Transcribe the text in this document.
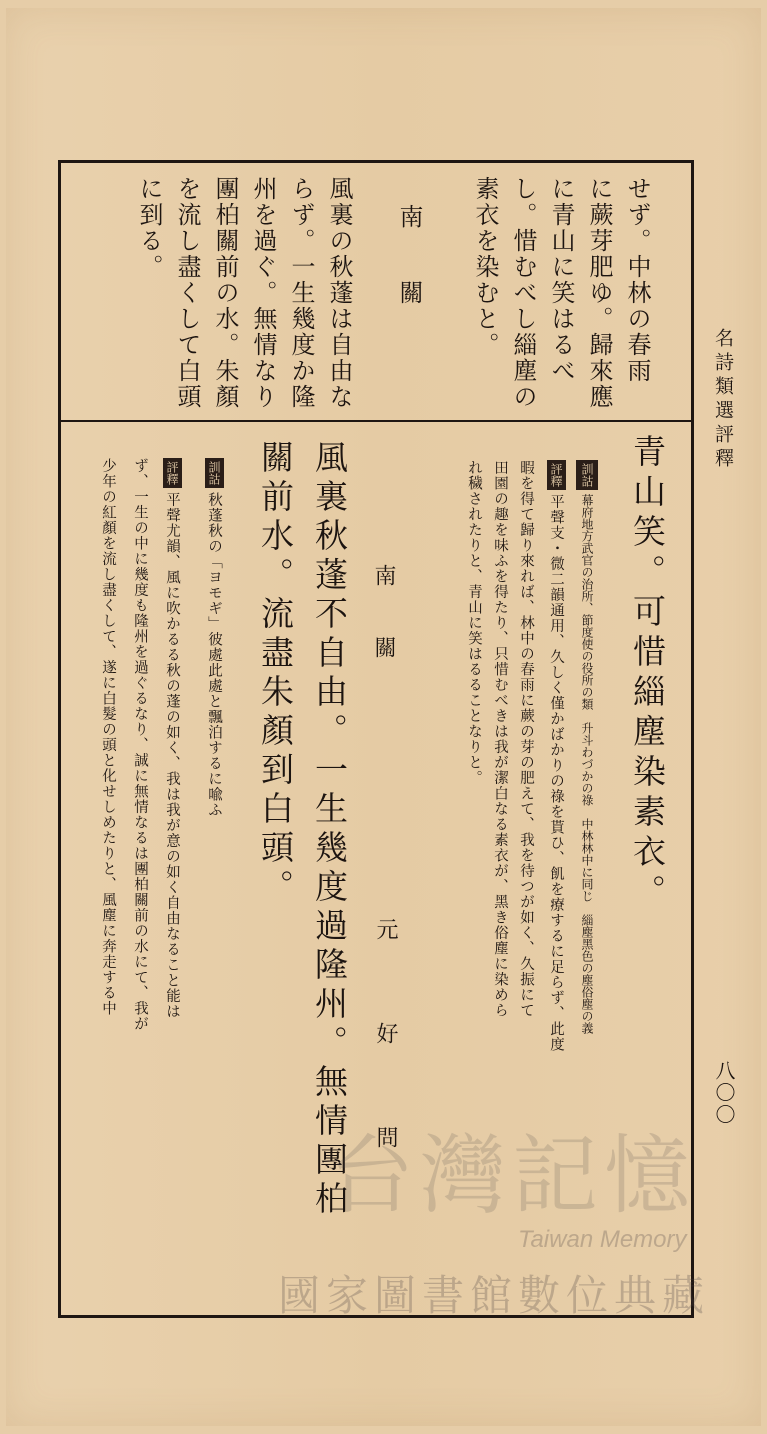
名詩類選評釋
八〇〇
素衣を染むと。 し。惜むべし緇塵の に青山に笑はるべ に蕨芽肥ゆ。歸來應 せず。中林の春雨
南　關
風裏の秋蓬は自由な
らず。一生幾度か隆
州を過ぐ。無情なり
團柏關前の水。朱顏
を流し盡くして白頭
に到る。
青山笑。可惜緇塵染素衣。
訓詁幕府地方武官の治所、節度使の役所の類　升斗わづかの祿　中林林中に同じ　緇塵黑色の塵俗塵の義
評釋平聲支・微二韻通用、久しく僅かばかりの祿を貰ひ、飢を療するに足らず、此度
暇を得て歸り來れば、林中の春雨に蕨の芽の肥えて、我を待つが如く、久振にて
田園の趣を味ふを得たり、只惜むべきは我が潔白なる素衣が、黑き俗塵に染めら
れ穢されたりと、青山に笑はるることなりと。
南　關
元　好　問
風裏秋蓬不自由。一生幾度過隆州。無情團柏
關前水。流盡朱顏到白頭。
訓詁秋蓬秋の「ヨモギ」彼處此處と飄泊するに喩ふ
評釋平聲尤韻、風に吹かるる秋の蓬の如く、我は我が意の如く自由なること能は
ず、一生の中に幾度も隆州を過ぐるなり、誠に無情なるは團柏關前の水にて、我が
少年の紅顏を流し盡くして、遂に白髮の頭と化せしめたりと、風塵に奔走する中
台灣記憶
Taiwan Memory
國家圖書館數位典藏
